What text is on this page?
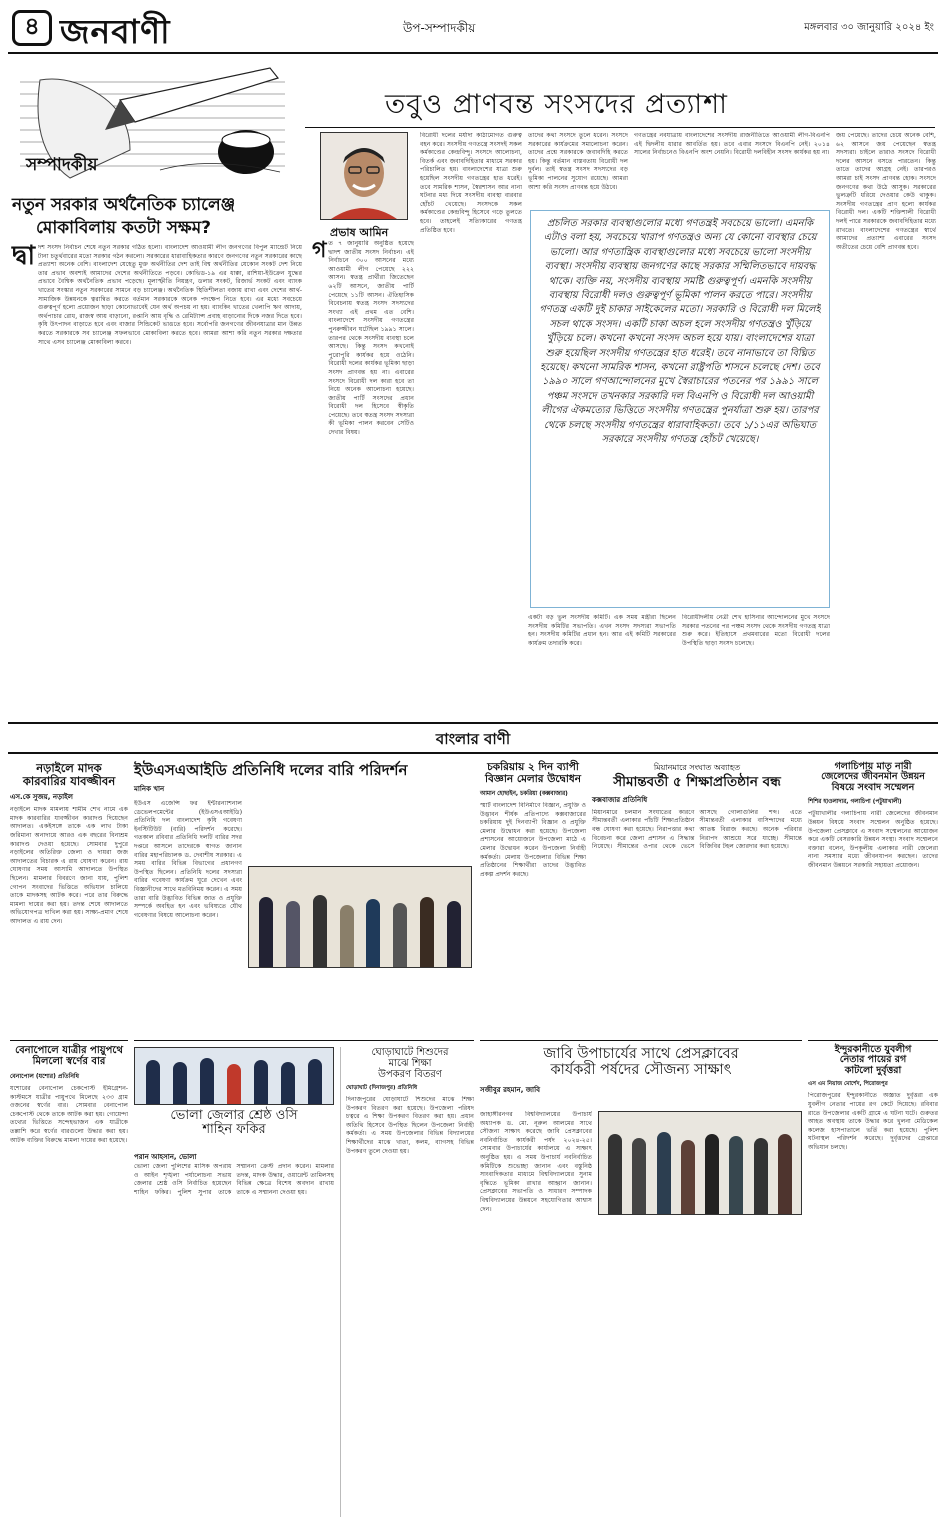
৪ জনবাণী	উপ-সম্পাদকীয়	মঙ্গলবার ৩০ জানুয়ারি ২০২৪ ইং
সম্পাদকীয়
তবুও প্রাণবন্ত সংসদের প্রত্যাশা
প্রভাষ আমিন
নতুন সরকার অর্থনৈতিক চ্যালেঞ্জ
মোকাবিলায় কতটা সক্ষম?
দ্বা দশ সংসদ নির্বাচন শেষে নতুন সরকার গঠিত হলো। বাংলাদেশ আওয়ামী লীগ জনগণের বিপুল ম্যান্ডেট নিয়ে টানা চতুর্থবারের মতো সরকার গঠন করলো। সরকারের ধারাবাহিকতার কারণে জনগণের নতুন সরকারের কাছে প্রত্যাশা অনেক বেশি। বাংলাদেশ যেহেতু মুক্ত অর্থনীতির দেশ তাই বিশ্ব অর্থনীতির যেকোন সংকট দেশ নিয়ে তার প্রভাব অবশ্যই আমাদের দেশের অর্থনীতিতে পড়বে। কোভিড-১৯ এর ধাক্কা, রাশিয়া-ইউক্রেন যুদ্ধের প্রভাবে বৈশ্বিক অর্থনৈতিক প্রভাব পড়েছে। মূল্যস্ফীতি নিয়ন্ত্রণ, ডলার সংকট, রিজার্ভ সংকট এবং ব্যাংক খাতের সংস্কার নতুন সরকারের সামনে বড় চ্যালেঞ্জ। অর্থনৈতিক স্থিতিশীলতা বজায় রাখা এবং দেশের আর্থ-সামাজিক উন্নয়নকে ত্বরান্বিত করতে বর্তমান সরকারকে অনেক পদক্ষেপ নিতে হবে। এর মধ্যে সবচেয়ে গুরুত্বপূর্ণ হলো প্রয়োজন ছাড়া কোনোভাবেই যেন অর্থ অপচয় না হয়। ব্যাংকিং খাতের খেলাপি ঋণ আদায়, অর্থপাচার রোধ, রাজস্ব আয় বাড়ানো, রপ্তানি আয় বৃদ্ধি ও রেমিট্যান্স প্রবাহ বাড়ানোর দিকে নজর দিতে হবে। কৃষি উৎপাদন বাড়াতে হবে এবং বাজার সিন্ডিকেট ভাঙতে হবে। সর্বোপরি জনগণের জীবনযাত্রার মান উন্নত করতে সরকারকে সব চ্যালেঞ্জ সফলভাবে মোকাবিলা করতে হবে। আমরা আশা করি নতুন সরকার দক্ষতার সাথে এসব চ্যালেঞ্জ মোকাবিলা করবে।
গ ত ৭ জানুয়ারি অনুষ্ঠিত হয়েছে দ্বাদশ জাতীয় সংসদ নির্বাচন। এই নির্বাচনে ৩০০ আসনের মধ্যে আওয়ামী লীগ পেয়েছে ২২২ আসন। স্বতন্ত্র প্রার্থীরা জিতেছেন ৬২টি আসনে, জাতীয় পার্টি পেয়েছে ১১টি আসন। ঐতিহাসিক বিবেচনায় স্বতন্ত্র সংসদ সদস্যদের সংখ্যা এই প্রথম এত বেশি। বাংলাদেশে সংসদীয় গণতন্ত্রের পুনরুজ্জীবন ঘটেছিল ১৯৯১ সালে। তারপর থেকে সংসদীয় ব্যবস্থা চলে আসছে। কিন্তু সংসদ কখনোই পুরোপুরি কার্যকর হয়ে ওঠেনি। বিরোধী দলের কার্যকর ভূমিকা ছাড়া সংসদ প্রাণবন্ত হয় না। এবারের সংসদে বিরোধী দল কারা হবে তা নিয়ে অনেক আলোচনা হয়েছে। জাতীয় পার্টি সংসদের প্রধান বিরোধী দল হিসেবে স্বীকৃতি পেয়েছে। তবে স্বতন্ত্র সংসদ সদস্যরা কী ভূমিকা পালন করবেন সেটিও দেখার বিষয়।
বিরোধী দলের মর্যাদা কাঠামোগত গুরুত্ব বহন করে। সংসদীয় গণতন্ত্রে সংসদই সকল কর্মকাণ্ডের কেন্দ্রবিন্দু। সংসদে আলোচনা, বিতর্ক এবং জবাবদিহিতার মাধ্যমে সরকার পরিচালিত হয়। বাংলাদেশের যাত্রা শুরু হয়েছিল সংসদীয় গণতন্ত্রের হাত ধরেই। তবে সামরিক শাসন, স্বৈরশাসন আর নানা ঘটনার মধ্য দিয়ে সংসদীয় ব্যবস্থা বারবার হোঁচট খেয়েছে। সংসদকে সকল কর্মকাণ্ডের কেন্দ্রবিন্দু হিসেবে গড়ে তুলতে হবে। তাহলেই সত্যিকারের গণতন্ত্র প্রতিষ্ঠিত হবে।
তাদের কথা সংসদে তুলে ধরেন। সংসদে সরকারের কার্যক্রমের সমালোচনা করেন। তাদের প্রশ্নে সরকারকে জবাবদিহি করতে হয়। কিন্তু বর্তমান বাস্তবতায় বিরোধী দল দুর্বল। তাই স্বতন্ত্র সংসদ সদস্যদের বড় ভূমিকা পালনের সুযোগ রয়েছে। আমরা আশা করি সংসদ প্রাণবন্ত হয়ে উঠবে।
গণতন্ত্রের নবযাত্রায় বাংলাদেশের সংসদীয় রাজনীতিতে আওয়ামী লীগ-বিএনপি এই দ্বিদলীয় ধারার আবর্তিত হয়। তবে এবার সংসদে বিএনপি নেই। ২০১৪ সালের নির্বাচনেও বিএনপি অংশ নেয়নি। বিরোধী দলবিহীন সংসদ কার্যকর হয় না।
জয় পেয়েছে। তাদের চেয়ে অনেক বেশি, ৬২ আসনে জয় পেয়েছেন স্বতন্ত্র সদস্যরা। চাইলে তারাও সংসদে বিরোধী দলের আসনে বসতে পারতেন। কিন্তু তাতে তাদের আগ্রহ নেই। তারপরও আমরা চাই সংসদ প্রাণবন্ত হোক। সংসদে জনগণের কথা উঠে আসুক। সরকারের ভুলত্রুটি ধরিয়ে দেওয়ার কেউ থাকুক। সংসদীয় গণতন্ত্রের প্রাণ হলো কার্যকর বিরোধী দল। একটি শক্তিশালী বিরোধী দলই পারে সরকারকে জবাবদিহিতার মধ্যে রাখতে। বাংলাদেশের গণতন্ত্রের স্বার্থে আমাদের প্রত্যাশা এবারের সংসদ অতীতের চেয়ে বেশি প্রাণবন্ত হবে।
প্রচলিত সরকার ব্যবস্থাগুলোর মধ্যে গণতন্ত্রই সবচেয়ে ভালো। এমনকি এটাও বলা হয়, সবচেয়ে খারাপ গণতন্ত্রও অন্য যে কোনো ব্যবস্থার চেয়ে ভালো। আর গণতান্ত্রিক ব্যবস্থাগুলোর মধ্যে সবচেয়ে ভালো সংসদীয় ব্যবস্থা। সংসদীয় ব্যবস্থায় জনগণের কাছে সরকার সম্মিলিতভাবে দায়বদ্ধ থাকে। ব্যক্তি নয়, সংসদীয় ব্যবস্থায় সমষ্টি গুরুত্বপূর্ণ। এমনকি সংসদীয় ব্যবস্থায় বিরোধী দলও গুরুত্বপূর্ণ ভূমিকা পালন করতে পারে। সংসদীয় গণতন্ত্র একটি দুই চাকার সাইকেলের মতো। সরকারি ও বিরোধী দল মিলেই সচল থাকে সংসদ। একটি চাকা অচল হলে সংসদীয় গণতন্ত্রও খুঁড়িয়ে খুঁড়িয়ে চলে। কখনো কখনো সংসদ অচল হয়ে যায়। বাংলাদেশের যাত্রা শুরু হয়েছিল সংসদীয় গণতন্ত্রের হাত ধরেই। তবে নানাভাবে তা বিঘ্নিত হয়েছে। কখনো সামরিক শাসন, কখনো রাষ্ট্রপতি শাসনে চলেছে দেশ। তবে ১৯৯০ সালে গণআন্দোলনের মুখে স্বৈরাচারের পতনের পর ১৯৯১ সালে পঞ্চম সংসদে তখনকার সরকারি দল বিএনপি ও বিরোধী দল আওয়ামী লীগের ঐকমত্যের ভিত্তিতে সংসদীয় গণতন্ত্রের পুনর্যাত্রা শুরু হয়। তারপর থেকে চলছে সংসদীয় গণতন্ত্রের ধারাবাহিকতা। তবে ১/১১এর অভিঘাত সরকারে সংসদীয় গণতন্ত্র হোঁচট খেয়েছে।
একটা বড় ভুল সংসদীয় কমিটি। এক সময় মন্ত্রীরা ছিলেন সংসদীয় কমিটির সভাপতি। এখন সংসদ সদস্যরা সভাপতি হন। সংসদীয় কমিটির প্রধান হন। আর এই কমিটি সরকারের কার্যক্রম তদারকি করে।
বিরোধীদলীয় নেত্রী শেখ হাসিনার আন্দোলনের মুখে সংসদে সরকার পতনের পর পঞ্চম সংসদ থেকে সংসদীয় গণতন্ত্র যাত্রা শুরু করে। ইতিহাসে প্রথমবারের মতো বিরোধী দলের উপস্থিতি ছাড়া সংসদ চলেছে।
বাংলার বাণী
নড়াইলে মাদক
কারবারির যাবজ্জীবন
এস.কে সুজয়, নড়াইল
নড়াইলে মাদক মামলায় শামীম শেখ নামে এক মাদক কারবারির যাবজ্জীবন কারাদণ্ড দিয়েছেন আদালত। একইসঙ্গে তাকে এক লাখ টাকা জরিমানা অনাদায়ে আরও এক বছরের বিনাশ্রম কারাদণ্ড দেওয়া হয়েছে। সোমবার দুপুরে নড়াইলের অতিরিক্ত জেলা ও দায়রা জজ আদালতের বিচারক এ রায় ঘোষণা করেন। রায় ঘোষণার সময় আসামি আদালতে উপস্থিত ছিলেন। মামলার বিবরণে জানা যায়, পুলিশ গোপন সংবাদের ভিত্তিতে অভিযান চালিয়ে তাকে মাদকসহ আটক করে। পরে তার বিরুদ্ধে মামলা দায়ের করা হয়। তদন্ত শেষে আদালতে অভিযোগপত্র দাখিল করা হয়। সাক্ষ্য-প্রমাণ শেষে আদালত এ রায় দেন।
ইউএসএআইডি প্রতিনিধি দলের বারি পরিদর্শন
মানিক খান
ইউএস এজেন্সি ফর ইন্টারন্যাশনাল ডেভেলপমেন্টের (ইউএসএআইডি) প্রতিনিধি দল বাংলাদেশ কৃষি গবেষণা ইনস্টিটিউট (বারি) পরিদর্শন করেছে। গতকাল রবিবার প্রতিনিধি দলটি বারির সদর দপ্তরে আসলে তাদেরকে স্বাগত জানান বারির মহাপরিচালক ড. দেবাশীষ সরকার। এ সময় বারির বিভিন্ন বিভাগের প্রধানগণ উপস্থিত ছিলেন। প্রতিনিধি দলের সদস্যরা বারির গবেষণা কার্যক্রম ঘুরে দেখেন এবং বিজ্ঞানীদের সাথে মতবিনিময় করেন। এ সময় তারা বারি উদ্ভাবিত বিভিন্ন জাত ও প্রযুক্তি সম্পর্কে অবহিত হন এবং ভবিষ্যতে যৌথ গবেষণার বিষয়ে আলোচনা করেন।
চকরিয়ায় ২ দিন ব্যাপী
বিজ্ঞান মেলার উদ্বোধন
আমান হোছাইন, চকরিয়া (কক্সবাজার)
স্মার্ট বাংলাদেশ বিনির্মাণে বিজ্ঞান, প্রযুক্তি ও উদ্ভাবন শীর্ষক প্রতিপাদ্যে কক্সবাজারের চকরিয়ায় দুই দিনব্যাপী বিজ্ঞান ও প্রযুক্তি মেলার উদ্বোধন করা হয়েছে। উপজেলা প্রশাসনের আয়োজনে উপজেলা মাঠে এ মেলার উদ্বোধন করেন উপজেলা নির্বাহী কর্মকর্তা। মেলায় উপজেলার বিভিন্ন শিক্ষা প্রতিষ্ঠানের শিক্ষার্থীরা তাদের উদ্ভাবিত প্রকল্প প্রদর্শন করছে।
মিয়ানমারে সংঘাত অব্যাহত
সীমান্তবর্তী ৫ শিক্ষাপ্রতিষ্ঠান বন্ধ
কক্সবাজার প্রতিনিধি
মিয়ানমারে চলমান সংঘাতের কারণে সীমান্তবর্তী এলাকার পাঁচটি শিক্ষাপ্রতিষ্ঠান বন্ধ ঘোষণা করা হয়েছে। নিরাপত্তার কথা বিবেচনা করে জেলা প্রশাসন এ সিদ্ধান্ত নিয়েছে। সীমান্তের ওপার থেকে ভেসে আসছে গোলাগুলির শব্দ। এতে সীমান্তবর্তী এলাকার বাসিন্দাদের মধ্যে আতঙ্ক বিরাজ করছে। অনেক পরিবার নিরাপদ আশ্রয়ে সরে যাচ্ছে। সীমান্তে বিজিবির টহল জোরদার করা হয়েছে।
গলাচিপায় মাতৃ নারী
জেলেদের জীবনমান উন্নয়ন
বিষয়ে সংবাদ সম্মেলন
শিশির হাওলাদার, গলাচিপা (পটুয়াখালী)
পটুয়াখালীর গলাচিপায় নারী জেলেদের জীবনমান উন্নয়ন বিষয়ে সংবাদ সম্মেলন অনুষ্ঠিত হয়েছে। উপজেলা প্রেসক্লাবে এ সংবাদ সম্মেলনের আয়োজন করে একটি বেসরকারি উন্নয়ন সংস্থা। সংবাদ সম্মেলনে বক্তারা বলেন, উপকূলীয় এলাকার নারী জেলেরা নানা সমস্যার মধ্যে জীবনযাপন করছেন। তাদের জীবনমান উন্নয়নে সরকারি সহায়তা প্রয়োজন।
বেনাপোলে যাত্রীর পায়ুপথে
মিললো স্বর্ণের বার
বেনাপোল (যশোর) প্রতিনিধি
যশোরের বেনাপোল চেকপোস্ট ইমিগ্রেশন-কাস্টমসে যাত্রীর পায়ুপথে মিলেছে ২৩৩ গ্রাম ওজনের স্বর্ণের বার। সোমবার বেনাপোল চেকপোস্ট থেকে তাকে আটক করা হয়। গোয়েন্দা তথ্যের ভিত্তিতে সন্দেহভাজন এক যাত্রীকে তল্লাশি করে স্বর্ণের বারগুলো উদ্ধার করা হয়। আটক ব্যক্তির বিরুদ্ধে মামলা দায়ের করা হয়েছে।
ভোলা জেলার শ্রেষ্ঠ ওসি
শাহিন ফকির
পরান আহসান, ভোলা
ভোলা জেলা পুলিশের মাসিক অপরাধ ও আইন শৃঙ্খলা পর্যালোচনা সভায় জেলার শ্রেষ্ঠ ওসি নির্বাচিত হয়েছেন শাহিন ফকির। পুলিশ সুপার তাকে সম্মাননা ক্রেস্ট প্রদান করেন। মামলার তদন্ত, মাদক উদ্ধার, ওয়ারেন্ট তামিলসহ বিভিন্ন ক্ষেত্রে বিশেষ অবদান রাখায় তাকে এ সম্মাননা দেওয়া হয়।
ঘোড়াঘাটে শিশুদের
মাঝে শিক্ষা
উপকরণ বিতরণ
ঘোড়াঘাট (দিনাজপুর) প্রতিনিধি
দিনাজপুরের ঘোড়াঘাটে শিশুদের মাঝে শিক্ষা উপকরণ বিতরণ করা হয়েছে। উপজেলা পরিষদ চত্বরে এ শিক্ষা উপকরণ বিতরণ করা হয়। প্রধান অতিথি হিসেবে উপস্থিত ছিলেন উপজেলা নির্বাহী কর্মকর্তা। এ সময় উপজেলার বিভিন্ন বিদ্যালয়ের শিক্ষার্থীদের মাঝে খাতা, কলম, ব্যাগসহ বিভিন্ন উপকরণ তুলে দেওয়া হয়।
জাবি উপাচার্যের সাথে প্রেসক্লাবের
কার্যকরী পর্ষদের সৌজন্য সাক্ষাৎ
সজীবুর রহমান, জাবি
জাহাঙ্গীরনগর বিশ্ববিদ্যালয়ের উপাচার্য অধ্যাপক ড. মো. নূরুল আলমের সাথে সৌজন্য সাক্ষাৎ করেছে জাবি প্রেসক্লাবের নবনির্বাচিত কার্যকরী পর্ষদ ২০২৪-২৫। সোমবার উপাচার্যের কার্যালয়ে এ সাক্ষাৎ অনুষ্ঠিত হয়। এ সময় উপাচার্য নবনির্বাচিত কমিটিকে শুভেচ্ছা জানান এবং বস্তুনিষ্ঠ সাংবাদিকতার মাধ্যমে বিশ্ববিদ্যালয়ের সুনাম বৃদ্ধিতে ভূমিকা রাখার আহ্বান জানান। প্রেসক্লাবের সভাপতি ও সাধারণ সম্পাদক বিশ্ববিদ্যালয়ের উন্নয়নে সহযোগিতার আশ্বাস দেন।
ইন্দুরকানীতে যুবলীগ
নেতার পায়ের রগ
কাটলো দুর্বৃত্তরা
এস এম নিয়াজ মোর্শেদ, পিরোজপুর
পিরোজপুরের ইন্দুরকানীতে অজ্ঞাত দুর্বৃত্তরা এক যুবলীগ নেতার পায়ের রগ কেটে দিয়েছে। রবিবার রাতে উপজেলার একটি গ্রামে এ ঘটনা ঘটে। গুরুতর আহত অবস্থায় তাকে উদ্ধার করে খুলনা মেডিকেল কলেজ হাসপাতালে ভর্তি করা হয়েছে। পুলিশ ঘটনাস্থল পরিদর্শন করেছে। দুর্বৃত্তদের গ্রেপ্তারে অভিযান চলছে।
